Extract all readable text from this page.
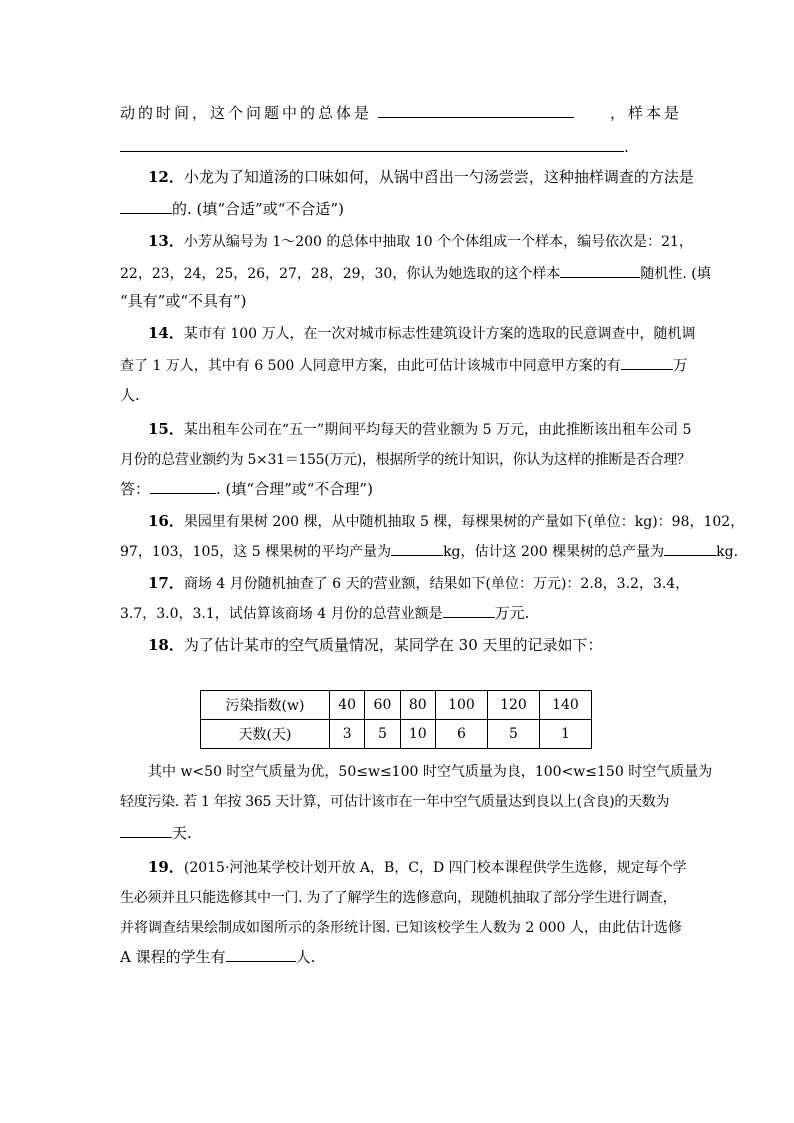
动的时间，这个问题中的总体是	，样本是
.
12．小龙为了知道汤的口味如何，从锅中舀出一勺汤尝尝，这种抽样调查的方法是
的. (填“合适”或“不合适”)
13．小芳从编号为 1～200 的总体中抽取 10 个个体组成一个样本，编号依次是：21，
22，23，24，25，26，27，28，29，30，你认为她选取的这个样本	随机性. (填
“具有”或“不具有”)
14．某市有 100 万人，在一次对城市标志性建筑设计方案的选取的民意调查中，随机调
查了 1 万人，其中有 6 500 人同意甲方案，由此可估计该城市中同意甲方案的有	万
人.
15．某出租车公司在“五一”期间平均每天的营业额为 5 万元，由此推断该出租车公司 5
月份的总营业额约为 5×31＝155(万元)，根据所学的统计知识，你认为这样的推断是否合理？
答：	. (填“合理”或“不合理”)
16．果园里有果树 200 棵，从中随机抽取 5 棵，每棵果树的产量如下(单位：kg)：98，102，
97，103，105，这 5 棵果树的平均产量为	kg，估计这 200 棵果树的总产量为	kg.
17．商场 4 月份随机抽查了 6 天的营业额，结果如下(单位：万元)：2.8，3.2，3.4，
3.7，3.0，3.1，试估算该商场 4 月份的总营业额是	万元.
18．为了估计某市的空气质量情况，某同学在 30 天里的记录如下：
污染指数(w)	40	60	80	100	120	140
天数(天)	3	5	10	6	5	1
其中 w<50 时空气质量为优，50≤w≤100 时空气质量为良，100<w≤150 时空气质量为
轻度污染. 若 1 年按 365 天计算，可估计该市在一年中空气质量达到良以上(含良)的天数为
天.
19．(2015·河池某学校计划开放 A，B，C，D 四门校本课程供学生选修，规定每个学
生必须并且只能选修其中一门. 为了了解学生的选修意向，现随机抽取了部分学生进行调查，
并将调查结果绘制成如图所示的条形统计图. 已知该校学生人数为 2 000 人，由此估计选修
A 课程的学生有	人.
